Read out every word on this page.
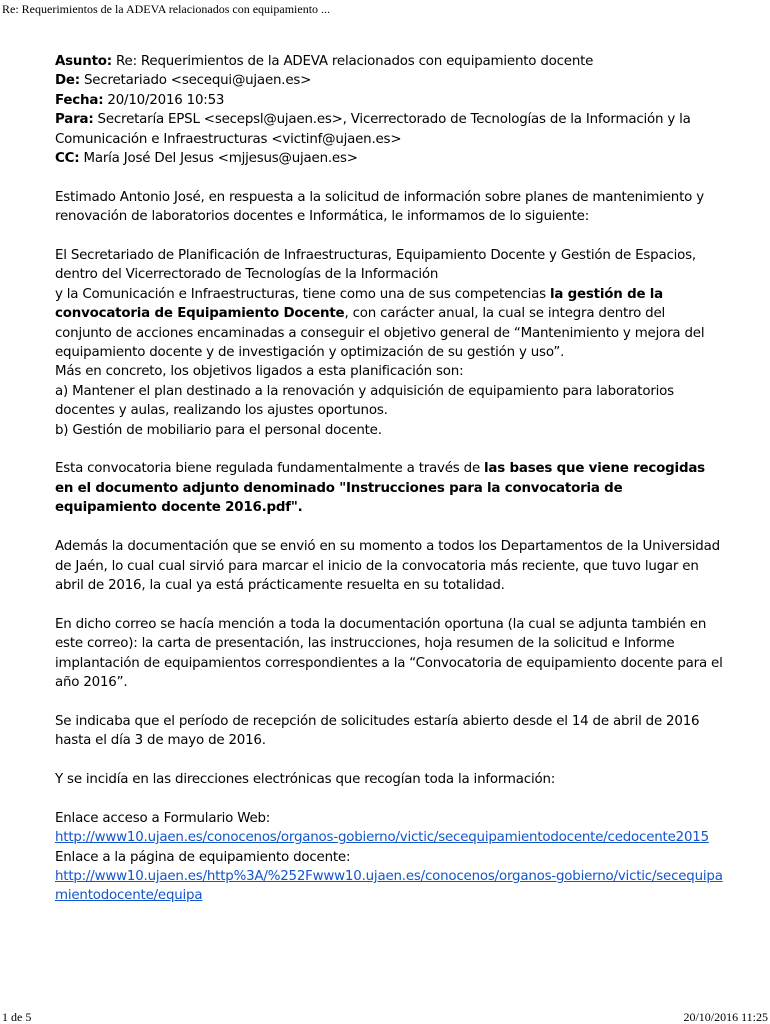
Re: Requerimientos de la ADEVA relacionados con equipamiento ...

Asunto: Re: Requerimientos de la ADEVA relacionados con equipamiento docente

De: Secretariado <secequi@ujaen.es>

Fecha: 20/10/2016 10:53

Para: Secretaría EPSL <secepsl@ujaen.es>, Vicerrectorado de Tecnologías de la Información y la Comunicación e Infraestructuras <victinf@ujaen.es>

CC: María José Del Jesus <mjjesus@ujaen.es>

Estimado Antonio José, en respuesta a la solicitud de información sobre planes de mantenimiento y renovación de laboratorios docentes e Informática, le informamos de lo siguiente:

El Secretariado de Planificación de Infraestructuras, Equipamiento Docente y Gestión de Espacios, dentro del Vicerrectorado de Tecnologías de la Información

y la Comunicación e Infraestructuras, tiene como una de sus competencias la gestión de la convocatoria de Equipamiento Docente, con carácter anual, la cual se integra dentro del conjunto de acciones encaminadas a conseguir el objetivo general de “Mantenimiento y mejora del equipamiento docente y de investigación y optimización de su gestión y uso”.

Más en concreto, los objetivos ligados a esta planificación son:

a) Mantener el plan destinado a la renovación y adquisición de equipamiento para laboratorios docentes y aulas, realizando los ajustes oportunos.

b) Gestión de mobiliario para el personal docente.

Esta convocatoria biene regulada fundamentalmente a través de las bases que viene recogidas en el documento adjunto denominado "Instrucciones para la convocatoria de equipamiento docente 2016.pdf".

Además la documentación que se envió en su momento a todos los Departamentos de la Universidad de Jaén, lo cual cual sirvió para marcar el inicio de la convocatoria más reciente, que tuvo lugar en abril de 2016, la cual ya está prácticamente resuelta en su totalidad.

En dicho correo se hacía mención a toda la documentación oportuna (la cual se adjunta también en este correo): la carta de presentación, las instrucciones, hoja resumen de la solicitud e Informe implantación de equipamientos correspondientes a la “Convocatoria de equipamiento docente para el año 2016”.

Se indicaba que el período de recepción de solicitudes estaría abierto desde el 14 de abril de 2016 hasta el día 3 de mayo de 2016.

Y se incidía en las direcciones electrónicas que recogían toda la información:

Enlace acceso a Formulario Web:

http://www10.ujaen.es/conocenos/organos-gobierno/victic/secequipamientodocente/cedocente2015

Enlace a la página de equipamiento docente:

http://www10.ujaen.es/http%3A/%252Fwww10.ujaen.es/conocenos/organos-gobierno/victic/secequipamientodocente/equipa

1 de 5	20/10/2016 11:25
